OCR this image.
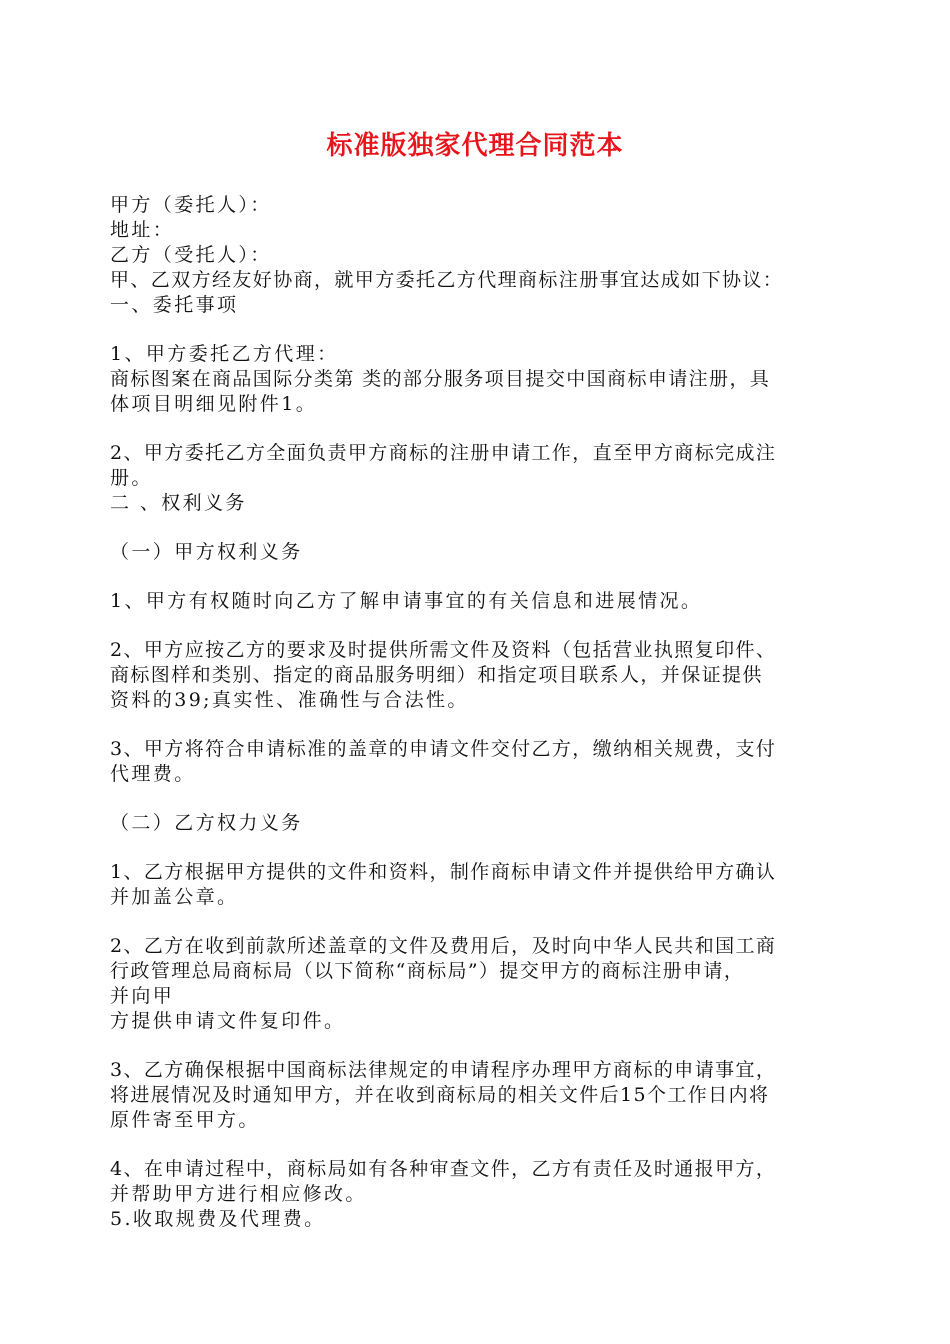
标准版独家代理合同范本
甲方（委托人）：
地址：
乙方（受托人）：
甲、乙双方经友好协商，就甲方委托乙方代理商标注册事宜达成如下协议：
一、委托事项
1、甲方委托乙方代理：
商标图案在商品国际分类第 类的部分服务项目提交中国商标申请注册，具
体项目明细见附件1。
2、甲方委托乙方全面负责甲方商标的注册申请工作，直至甲方商标完成注
册。
二 、权利义务
（一）甲方权利义务
1、甲方有权随时向乙方了解申请事宜的有关信息和进展情况。
2、甲方应按乙方的要求及时提供所需文件及资料（包括营业执照复印件、
商标图样和类别、指定的商品服务明细）和指定项目联系人，并保证提供
资料的39;真实性、准确性与合法性。
3、甲方将符合申请标准的盖章的申请文件交付乙方，缴纳相关规费，支付
代理费。
（二）乙方权力义务
1、乙方根据甲方提供的文件和资料，制作商标申请文件并提供给甲方确认
并加盖公章。
2、乙方在收到前款所述盖章的文件及费用后，及时向中华人民共和国工商
行政管理总局商标局（以下简称“商标局”）提交甲方的商标注册申请，
并向甲
方提供申请文件复印件。
3、乙方确保根据中国商标法律规定的申请程序办理甲方商标的申请事宜，
将进展情况及时通知甲方，并在收到商标局的相关文件后15个工作日内将
原件寄至甲方。
4、在申请过程中，商标局如有各种审查文件，乙方有责任及时通报甲方，
并帮助甲方进行相应修改。
5.收取规费及代理费。
